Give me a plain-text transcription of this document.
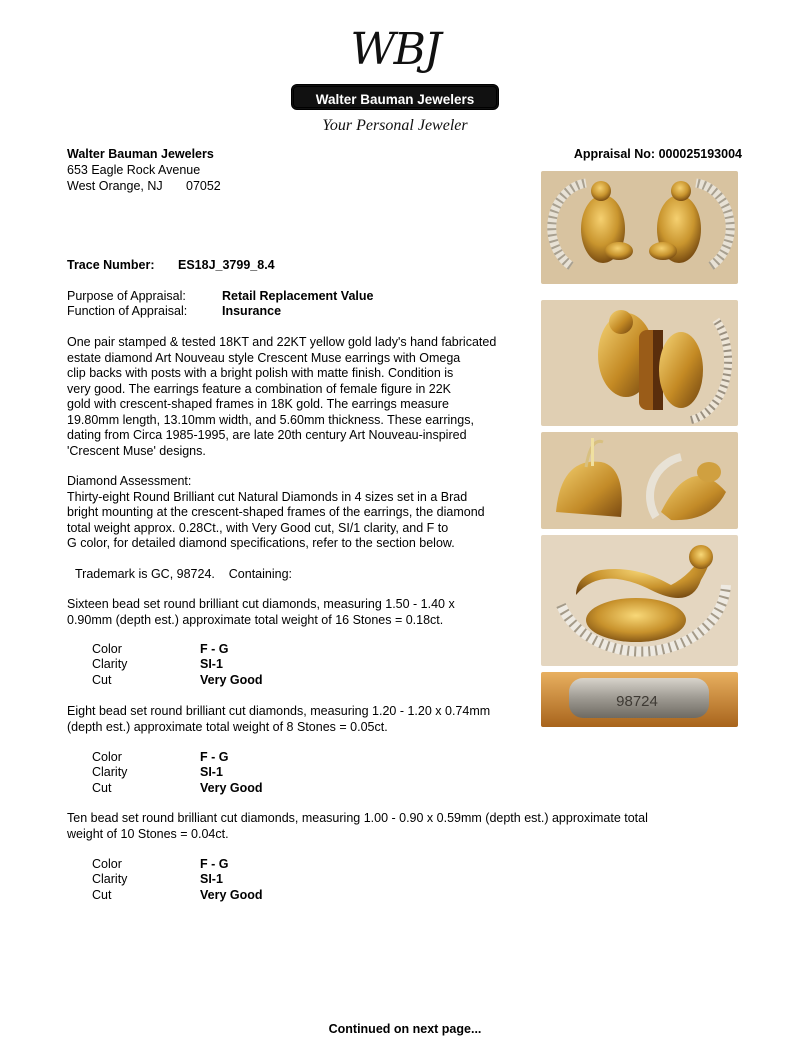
WBJ
Walter Bauman Jewelers
Your Personal Jeweler
Walter Bauman Jewelers
653 Eagle Rock Avenue
West Orange, NJ 07052
Appraisal No: 000025193004
Trace Number: ES18J_3799_8.4
Purpose of Appraisal:	Retail Replacement Value
Function of Appraisal:	Insurance
One pair stamped & tested 18KT and 22KT yellow gold lady's hand fabricated
estate diamond Art Nouveau style Crescent Muse earrings with Omega
clip backs with posts with a bright polish with matte finish. Condition is
very good. The earrings feature a combination of female figure in 22K
gold with crescent-shaped frames in 18K gold. The earrings measure
19.80mm length, 13.10mm width, and 5.60mm thickness. These earrings,
dating from Circa 1985-1995, are late 20th century Art Nouveau-inspired
'Crescent Muse' designs.
Diamond Assessment:
Thirty-eight Round Brilliant cut Natural Diamonds in 4 sizes set in a Brad
bright mounting at the crescent-shaped frames of the earrings, the diamond
total weight approx. 0.28Ct., with Very Good cut, SI/1 clarity, and F to
G color, for detailed diamond specifications, refer to the section below.
Trademark is GC, 98724.    Containing:
Sixteen bead set round brilliant cut diamonds, measuring 1.50 - 1.40 x
0.90mm (depth est.) approximate total weight of 16 Stones = 0.18ct.
Color	F - G
Clarity	SI-1
Cut	Very Good
Eight bead set round brilliant cut diamonds, measuring 1.20 - 1.20 x 0.74mm
(depth est.) approximate total weight of 8 Stones = 0.05ct.
Color	F - G
Clarity	SI-1
Cut	Very Good
Ten bead set round brilliant cut diamonds, measuring 1.00 - 0.90 x 0.59mm (depth est.) approximate total
weight of 10 Stones = 0.04ct.
Color	F - G
Clarity	SI-1
Cut	Very Good
Continued on next page...
98724
